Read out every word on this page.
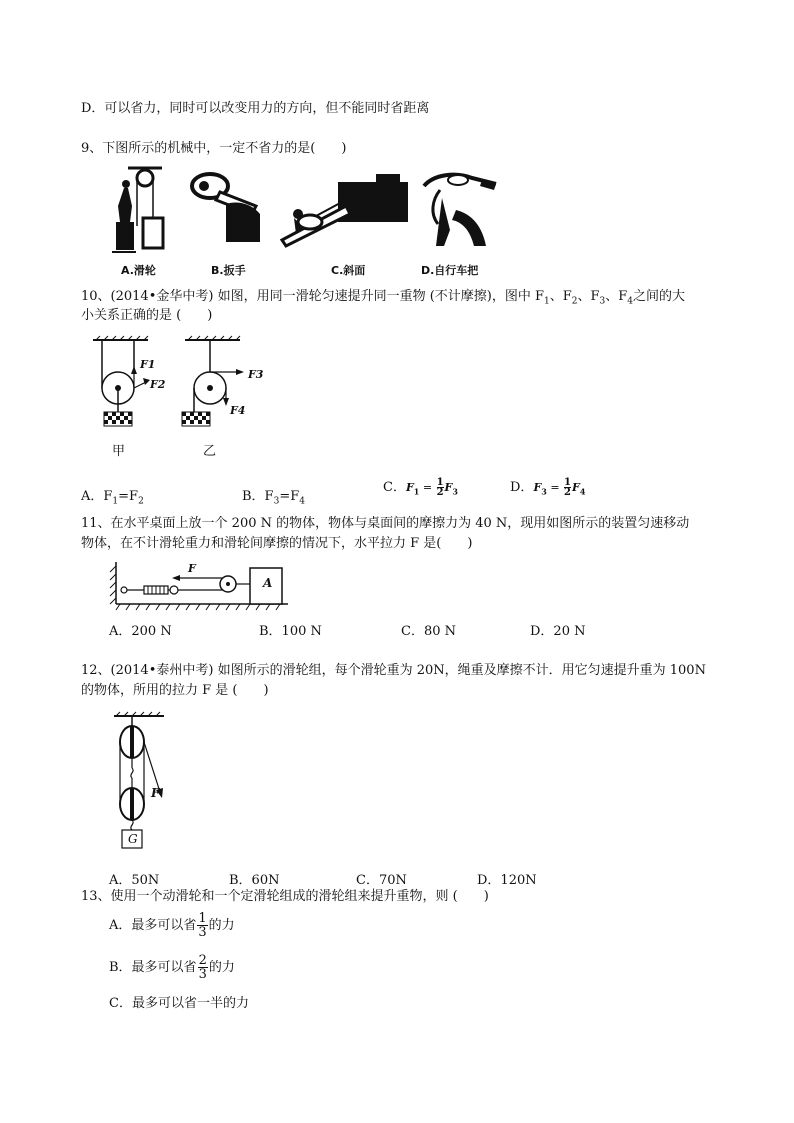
D．可以省力，同时可以改变用力的方向，但不能同时省距离
9、下图所示的机械中，一定不省力的是(　　)
A.滑轮	B.扳手	C.斜面	D.自行车把
10、(2014•金华中考) 如图，用同一滑轮匀速提升同一重物 (不计摩擦)，图中 $F_1$、$F_2$、$F_3$、$F_4$之间的大
小关系正确的是 (　　)
F1
F2
甲
F3
F4
乙
A．$F_1=F_2$	B．$F_3=F_4$
C．$F_1 = \frac{1}{2}F_3$	D．$F_3 = \frac{1}{2}F_4$
11、在水平桌面上放一个 200 N 的物体，物体与桌面间的摩擦力为 40 N，现用如图所示的装置匀速移动
物体，在不计滑轮重力和滑轮间摩擦的情况下，水平拉力 F 是(　　)
F
A
A．200 N	B．100 N	C．80 N	D．20 N
12、(2014•泰州中考) 如图所示的滑轮组，每个滑轮重为 20N，绳重及摩擦不计．用它匀速提升重为 100N
的物体，所用的拉力 F 是 (　　)
F
G
A．50N	B．60N	C．70N	D．120N
13、使用一个动滑轮和一个定滑轮组成的滑轮组来提升重物，则 (　　)
A．最多可以省 $\frac{1}{3}$ 的力
B．最多可以省 $\frac{2}{3}$ 的力
C．最多可以省一半的力
